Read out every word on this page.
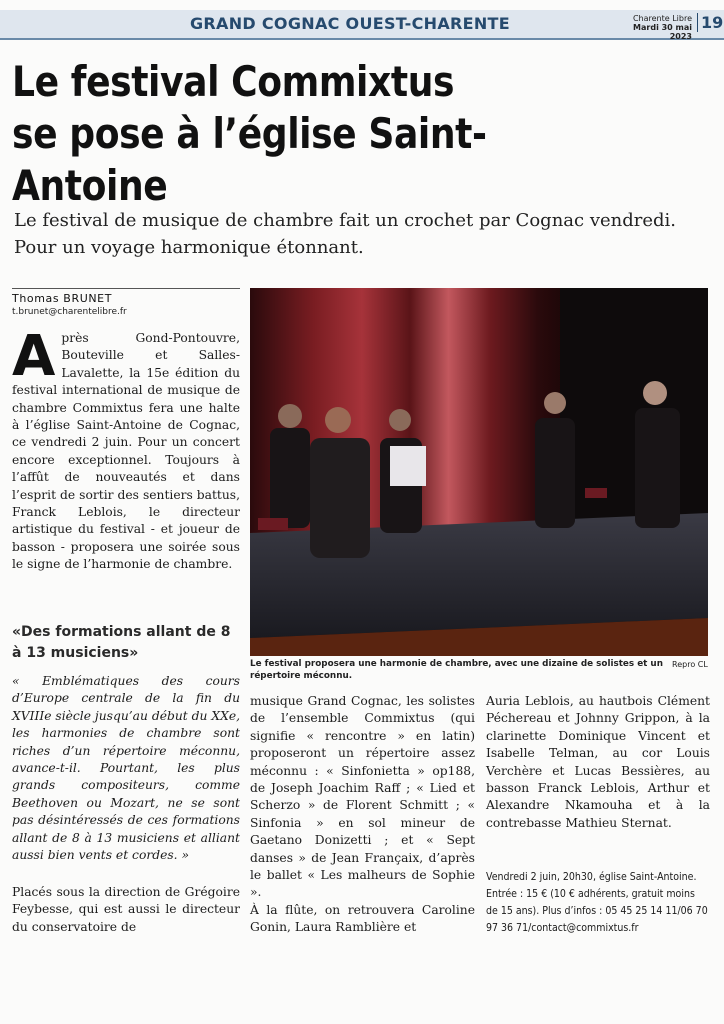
GRAND COGNAC OUEST-CHARENTE	Charente Libre
Mardi 30 mai 2023
19
Le festival Commixtus
se pose à l’église Saint-Antoine
Le festival de musique de chambre fait un crochet par Cognac vendredi. Pour un voyage harmonique étonnant.
Thomas BRUNET
t.brunet@charentelibre.fr
A près Gond-Pontouvre, Bouteville et Salles-Lavalette, la 15e édition du festival international de musique de chambre Commixtus fera une halte à l’église Saint-Antoine de Cognac, ce vendredi 2 juin. Pour un concert encore exceptionnel. Toujours à l’affût de nouveautés et dans l’esprit de sortir des sentiers battus, Franck Leblois, le directeur artistique du festival - et joueur de basson - proposera une soirée sous le signe de l’harmonie de chambre.
«Des formations allant de 8 à 13 musiciens»
« Emblématiques des cours d’Europe centrale de la fin du XVIIIe siècle jusqu’au début du XXe, les harmonies de chambre sont riches d’un répertoire méconnu, avance-t-il. Pourtant, les plus grands compositeurs, comme Beethoven ou Mozart, ne se sont pas désintéressés de ces formations allant de 8 à 13 musiciens et alliant aussi bien vents et cordes. »
Placés sous la direction de Grégoire Feybesse, qui est aussi le directeur du conservatoire de
Le festival proposera une harmonie de chambre, avec une dizaine de solistes et un répertoire méconnu.
Repro CL
musique Grand Cognac, les solistes de l’ensemble Commixtus (qui signifie « rencontre » en latin) proposeront un répertoire assez méconnu : « Sinfonietta » op188, de Joseph Joachim Raff ; « Lied et Scherzo » de Florent Schmitt ; « Sinfonia » en sol mineur de Gaetano Donizetti ; et « Sept danses » de Jean Françaix, d’après le ballet « Les malheurs de Sophie ».
À la flûte, on retrouvera Caroline Gonin, Laura Ramblière et
Auria Leblois, au hautbois Clément Péchereau et Johnny Grippon, à la clarinette Dominique Vincent et Isabelle Telman, au cor Louis Verchère et Lucas Bessières, au basson Franck Leblois, Arthur et Alexandre Nkamouha et à la contrebasse Mathieu Sternat.
Vendredi 2 juin, 20h30, église Saint-Antoine. Entrée : 15 € (10 € adhérents, gratuit moins de 15 ans). Plus d’infos : 05 45 25 14 11/06 70 97 36 71/contact@commixtus.fr
